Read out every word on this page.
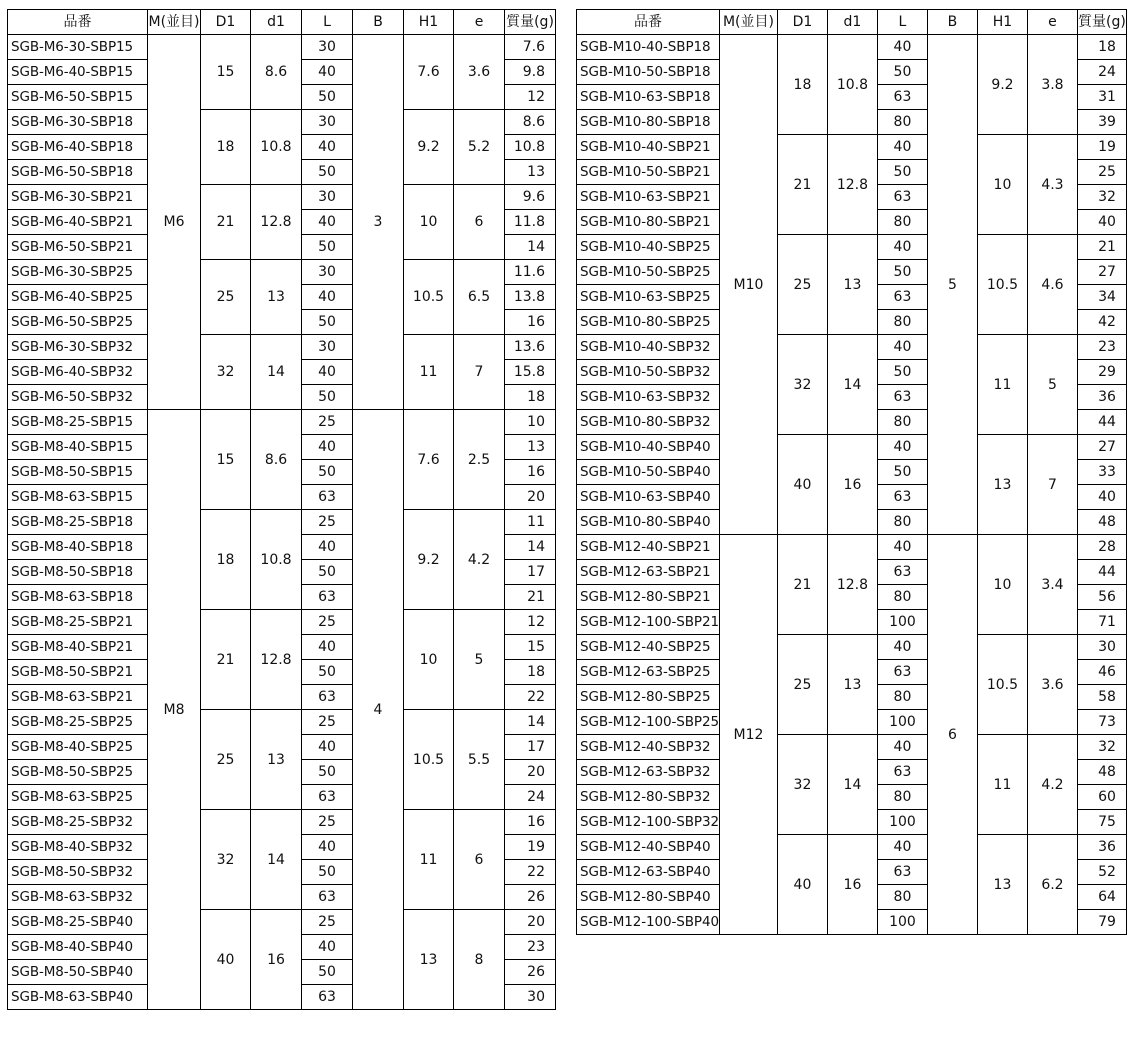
品番	M(並目)	D1	d1	L	B	H1	e	質量(g)
SGB-M6-30-SBP15	M6	15	8.6	30	3	7.6	3.6	7.6
SGB-M6-40-SBP15				40				9.8
SGB-M6-50-SBP15				50				12
SGB-M6-30-SBP18		18	10.8	30		9.2	5.2	8.6
SGB-M6-40-SBP18				40				10.8
SGB-M6-50-SBP18				50				13
SGB-M6-30-SBP21		21	12.8	30		10	6	9.6
SGB-M6-40-SBP21				40				11.8
SGB-M6-50-SBP21				50				14
SGB-M6-30-SBP25		25	13	30		10.5	6.5	11.6
SGB-M6-40-SBP25				40				13.8
SGB-M6-50-SBP25				50				16
SGB-M6-30-SBP32		32	14	30		11	7	13.6
SGB-M6-40-SBP32				40				15.8
SGB-M6-50-SBP32				50				18
SGB-M8-25-SBP15	M8	15	8.6	25	4	7.6	2.5	10
SGB-M8-40-SBP15				40				13
SGB-M8-50-SBP15				50				16
SGB-M8-63-SBP15				63				20
SGB-M8-25-SBP18		18	10.8	25		9.2	4.2	11
SGB-M8-40-SBP18				40				14
SGB-M8-50-SBP18				50				17
SGB-M8-63-SBP18				63				21
SGB-M8-25-SBP21		21	12.8	25		10	5	12
SGB-M8-40-SBP21				40				15
SGB-M8-50-SBP21				50				18
SGB-M8-63-SBP21				63				22
SGB-M8-25-SBP25		25	13	25		10.5	5.5	14
SGB-M8-40-SBP25				40				17
SGB-M8-50-SBP25				50				20
SGB-M8-63-SBP25				63				24
SGB-M8-25-SBP32		32	14	25		11	6	16
SGB-M8-40-SBP32				40				19
SGB-M8-50-SBP32				50				22
SGB-M8-63-SBP32				63				26
SGB-M8-25-SBP40		40	16	25		13	8	20
SGB-M8-40-SBP40				40				23
SGB-M8-50-SBP40				50				26
SGB-M8-63-SBP40				63				30
品番	M(並目)	D1	d1	L	B	H1	e	質量(g)
SGB-M10-40-SBP18	M10	18	10.8	40	5	9.2	3.8	18
SGB-M10-50-SBP18				50				24
SGB-M10-63-SBP18				63				31
SGB-M10-80-SBP18				80				39
SGB-M10-40-SBP21		21	12.8	40		10	4.3	19
SGB-M10-50-SBP21				50				25
SGB-M10-63-SBP21				63				32
SGB-M10-80-SBP21				80				40
SGB-M10-40-SBP25		25	13	40		10.5	4.6	21
SGB-M10-50-SBP25				50				27
SGB-M10-63-SBP25				63				34
SGB-M10-80-SBP25				80				42
SGB-M10-40-SBP32		32	14	40		11	5	23
SGB-M10-50-SBP32				50				29
SGB-M10-63-SBP32				63				36
SGB-M10-80-SBP32				80				44
SGB-M10-40-SBP40		40	16	40		13	7	27
SGB-M10-50-SBP40				50				33
SGB-M10-63-SBP40				63				40
SGB-M10-80-SBP40				80				48
SGB-M12-40-SBP21	M12	21	12.8	40	6	10	3.4	28
SGB-M12-63-SBP21				63				44
SGB-M12-80-SBP21				80				56
SGB-M12-100-SBP21				100				71
SGB-M12-40-SBP25		25	13	40		10.5	3.6	30
SGB-M12-63-SBP25				63				46
SGB-M12-80-SBP25				80				58
SGB-M12-100-SBP25				100				73
SGB-M12-40-SBP32		32	14	40		11	4.2	32
SGB-M12-63-SBP32				63				48
SGB-M12-80-SBP32				80				60
SGB-M12-100-SBP32				100				75
SGB-M12-40-SBP40		40	16	40		13	6.2	36
SGB-M12-63-SBP40				63				52
SGB-M12-80-SBP40				80				64
SGB-M12-100-SBP40				100				79
